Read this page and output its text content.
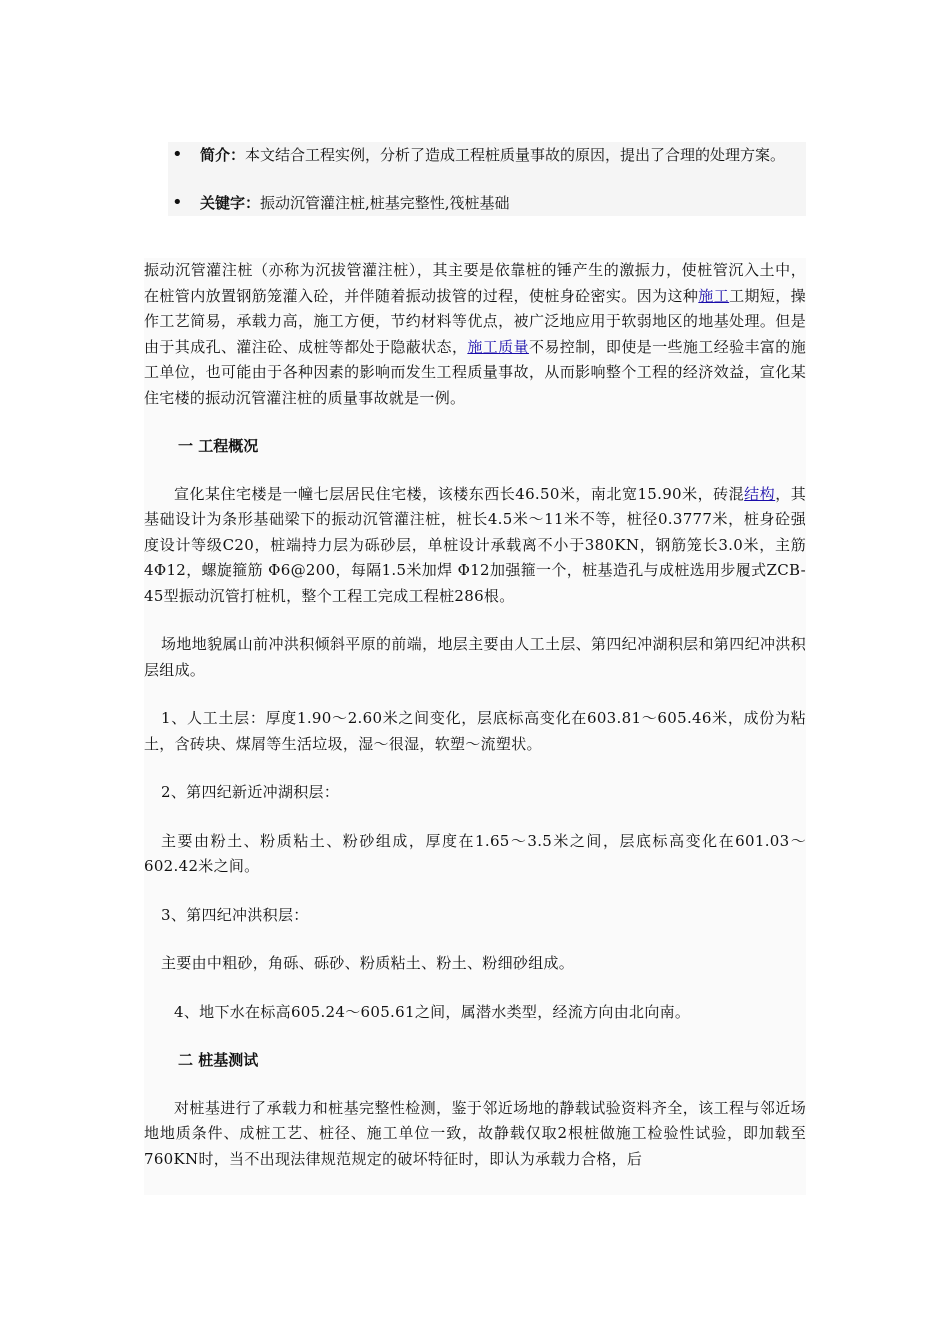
• 简介：本文结合工程实例，分析了造成工程桩质量事故的原因，提出了合理的处理方案。
• 关键字：振动沉管灌注桩,桩基完整性,筏桩基础

振动沉管灌注桩（亦称为沉拔管灌注桩），其主要是依靠桩的锤产生的激振力，使桩管沉入土中，在桩管内放置钢筋笼灌入砼，并伴随着振动拔管的过程，使桩身砼密实。因为这种施工工期短，操作工艺简易，承载力高，施工方便，节约材料等优点，被广泛地应用于软弱地区的地基处理。但是由于其成孔、灌注砼、成桩等都处于隐蔽状态，施工质量不易控制，即使是一些施工经验丰富的施工单位，也可能由于各种因素的影响而发生工程质量事故，从而影响整个工程的经济效益，宣化某住宅楼的振动沉管灌注桩的质量事故就是一例。

一 工程概况

宣化某住宅楼是一幢七层居民住宅楼，该楼东西长46.50米，南北宽15.90米，砖混结构，其基础设计为条形基础梁下的振动沉管灌注桩，桩长4.5米～11米不等，桩径0.3777米，桩身砼强度设计等级C20，桩端持力层为砾砂层，单桩设计承载离不小于380KN，钢筋笼长3.0米，主筋4Φ12，螺旋箍筋 Φ6@200，每隔1.5米加焊 Φ12加强箍一个，桩基造孔与成桩选用步履式ZCB-45型振动沉管打桩机，整个工程工完成工程桩286根。

场地地貌属山前冲洪积倾斜平原的前端，地层主要由人工土层、第四纪冲湖积层和第四纪冲洪积层组成。

1、人工土层：厚度1.90～2.60米之间变化，层底标高变化在603.81～605.46米，成份为粘土，含砖块、煤屑等生活垃圾，湿～很湿，软塑～流塑状。

2、第四纪新近冲湖积层：

主要由粉土、粉质粘土、粉砂组成，厚度在1.65～3.5米之间，层底标高变化在601.03～602.42米之间。

3、第四纪冲洪积层：

主要由中粗砂，角砾、砾砂、粉质粘土、粉土、粉细砂组成。

4、地下水在标高605.24～605.61之间，属潜水类型，经流方向由北向南。

二 桩基测试

对桩基进行了承载力和桩基完整性检测，鉴于邻近场地的静载试验资料齐全，该工程与邻近场地地质条件、成桩工艺、桩径、施工单位一致，故静载仅取2根桩做施工检验性试验，即加载至760KN时，当不出现法律规范规定的破坏特征时，即认为承载力合格，后
